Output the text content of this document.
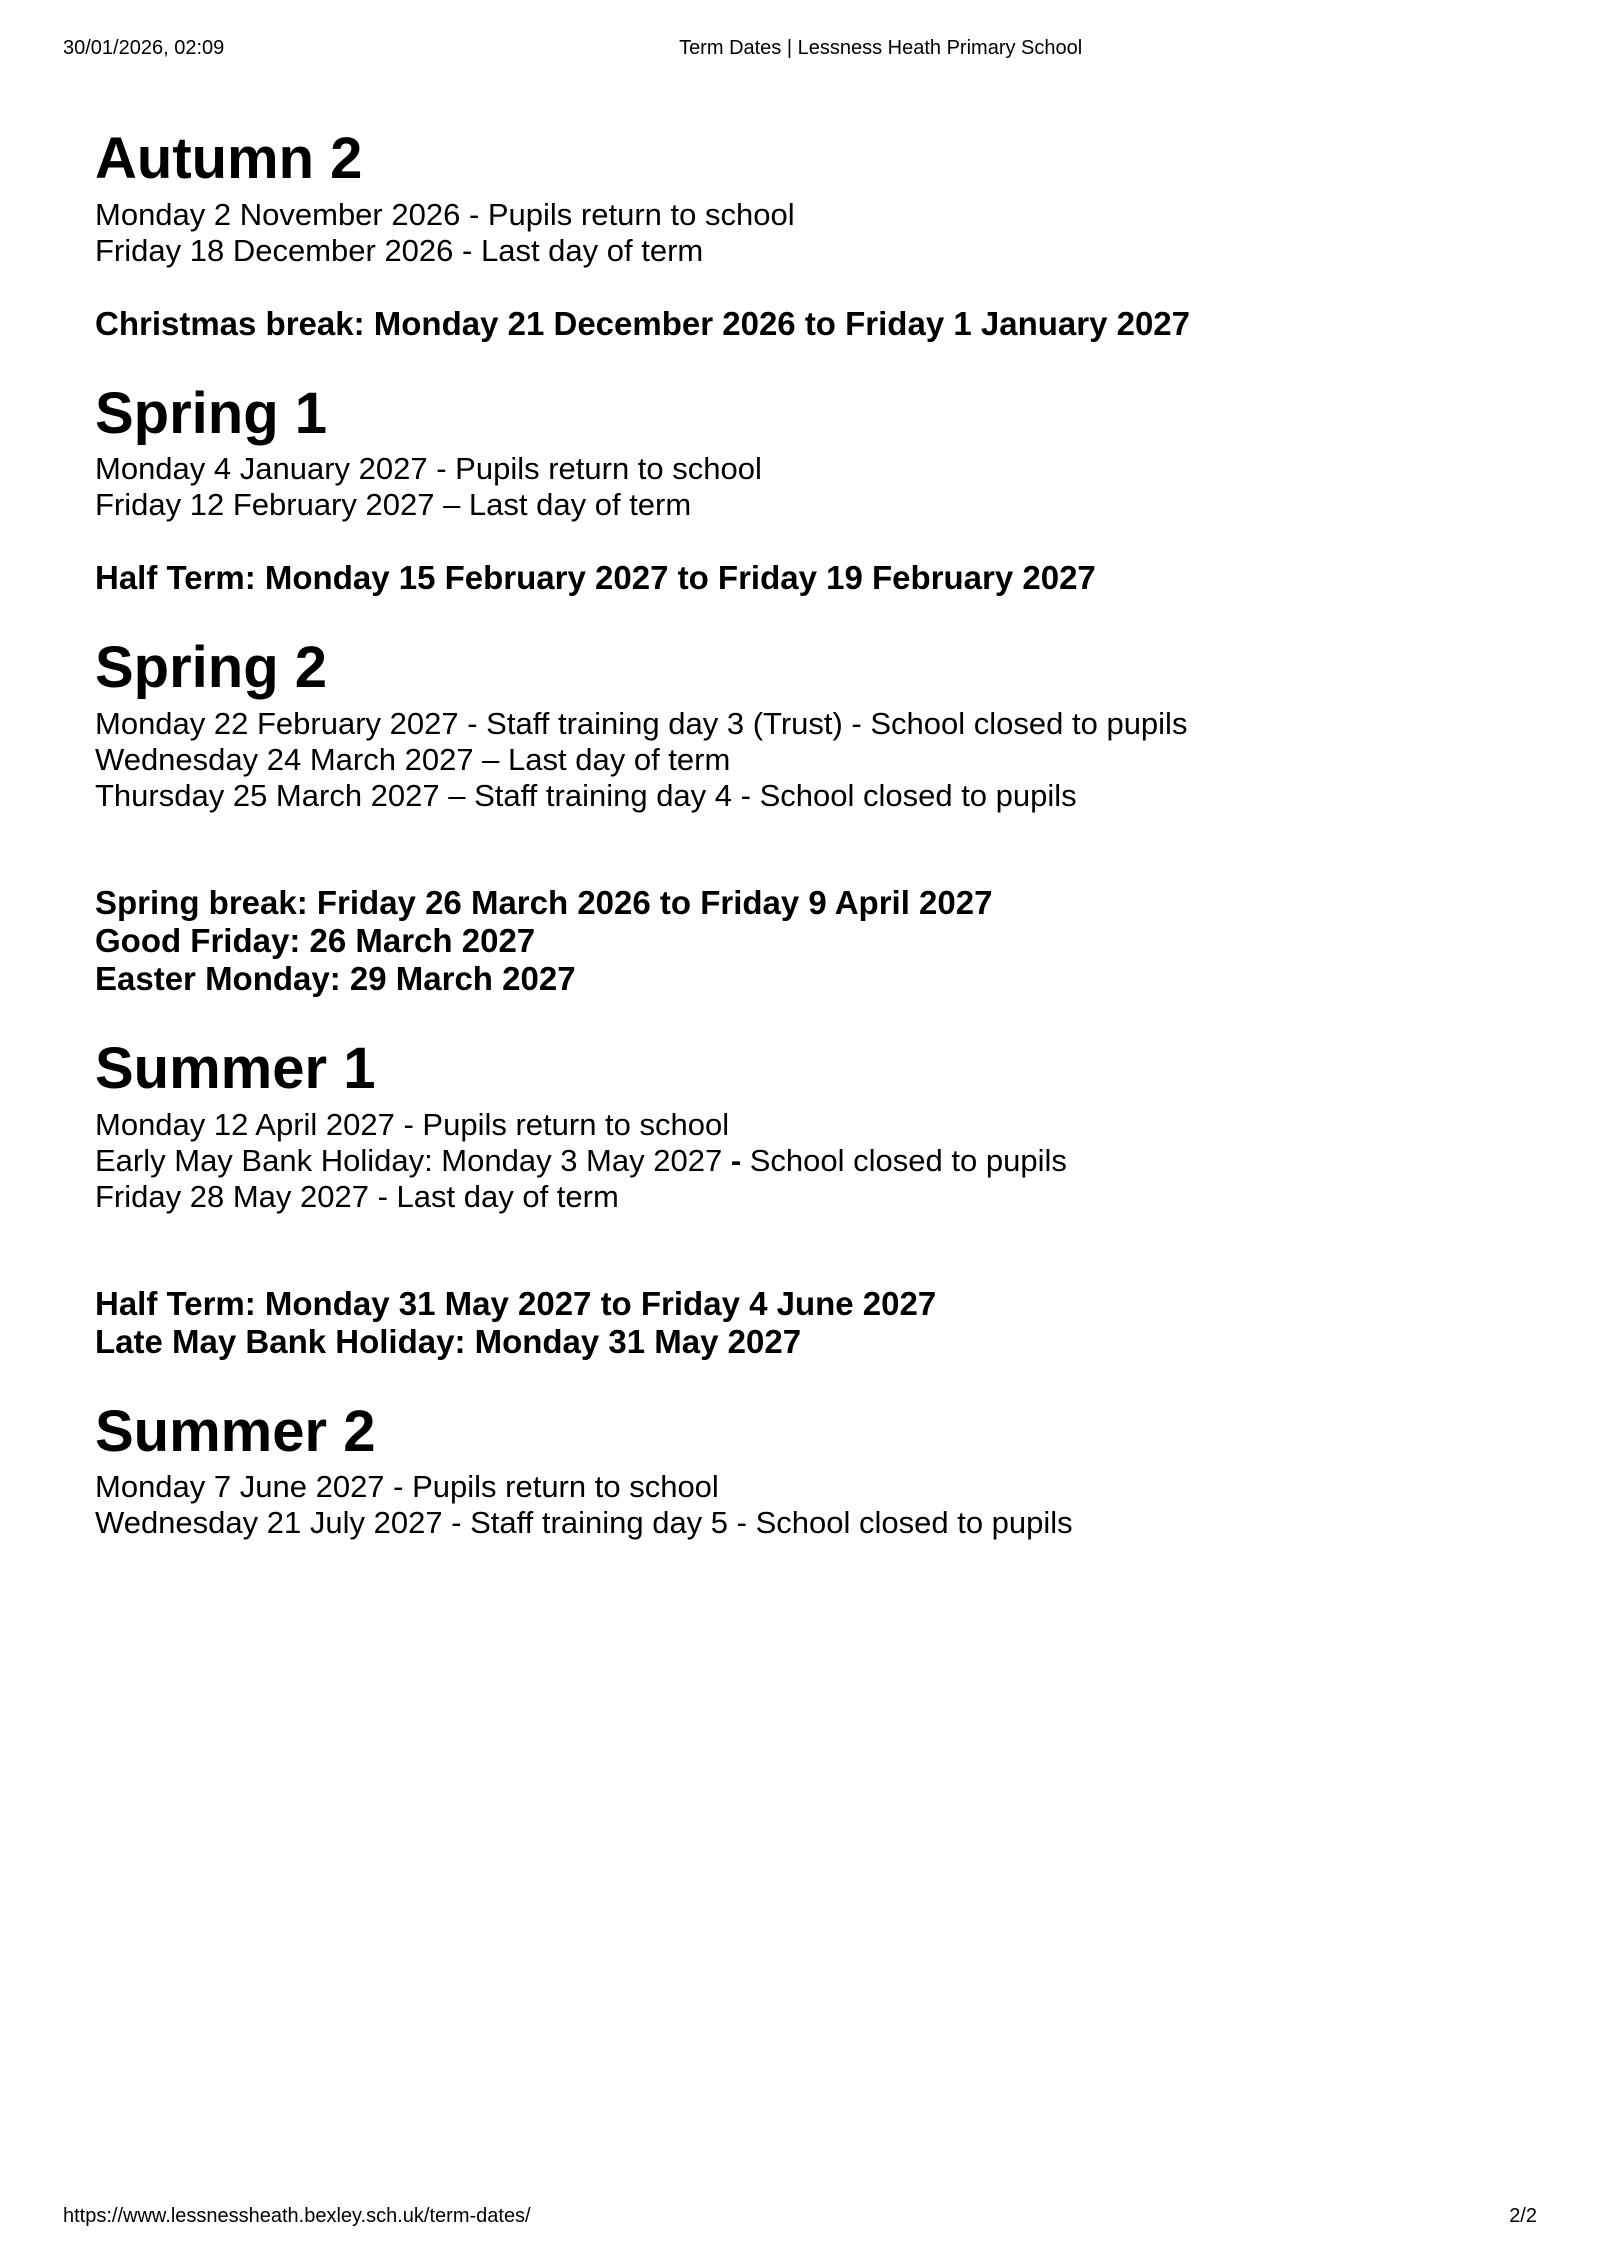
30/01/2026, 02:09	Term Dates | Lessness Heath Primary School
Autumn 2
Monday 2 November 2026 - Pupils return to school
Friday 18 December 2026 - Last day of term
Christmas break: Monday 21 December 2026 to Friday 1 January 2027
Spring 1
Monday 4 January 2027 - Pupils return to school
Friday 12 February 2027 – Last day of term
Half Term: Monday 15 February 2027 to Friday 19 February 2027
Spring 2
Monday 22 February 2027 - Staff training day 3 (Trust) - School closed to pupils
Wednesday 24 March 2027 – Last day of term
Thursday 25 March 2027 – Staff training day 4 - School closed to pupils
Spring break: Friday 26 March 2026 to Friday 9 April 2027
Good Friday: 26 March 2027
Easter Monday: 29 March 2027
Summer 1
Monday 12 April 2027 - Pupils return to school
Early May Bank Holiday: Monday 3 May 2027 - School closed to pupils
Friday 28 May 2027 - Last day of term
Half Term: Monday 31 May 2027 to Friday 4 June 2027
Late May Bank Holiday: Monday 31 May 2027
Summer 2
Monday 7 June 2027 - Pupils return to school
Wednesday 21 July 2027 - Staff training day 5 - School closed to pupils
https://www.lessnessheath.bexley.sch.uk/term-dates/	2/2
